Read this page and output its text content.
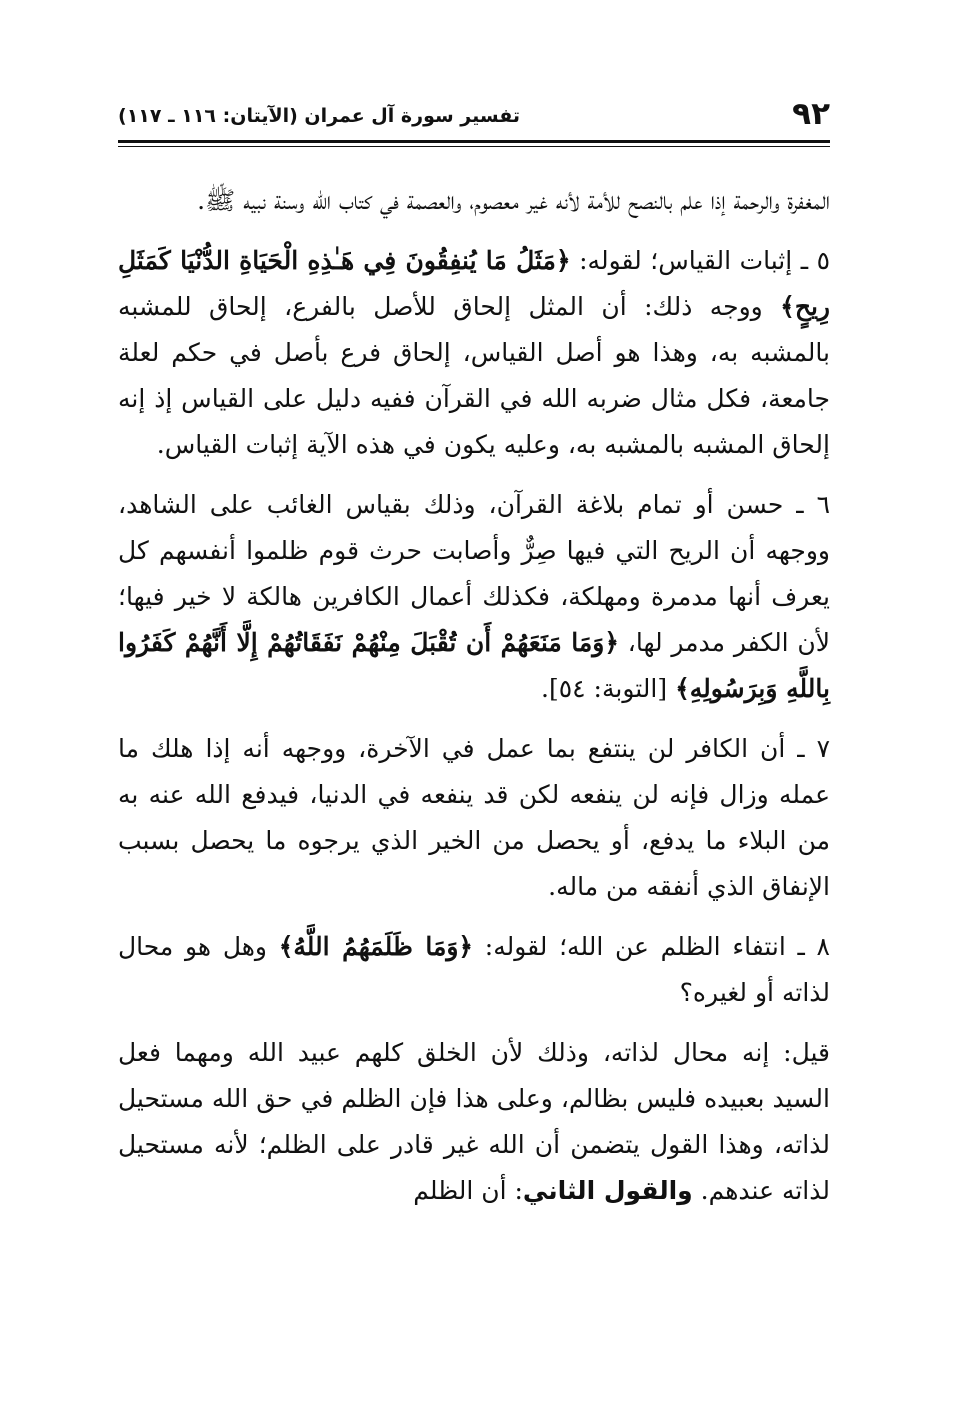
٩٢
تفسير سورة آل عمران (الآيتان: ١١٦ ـ ١١٧)

المغفرة والرحمة إذا علم بالنصح للأمة لأنه غير معصوم، والعصمة في كتاب الله وسنة نبيه ﷺ.

٥ ـ إثبات القياس؛ لقوله: ﴿مَثَلُ مَا يُنفِقُونَ فِي هَـٰذِهِ الْحَيَاةِ الدُّنْيَا كَمَثَلِ رِيحٍ﴾ ووجه ذلك: أن المثل إلحاق للأصل بالفرع، إلحاق للمشبه بالمشبه به، وهذا هو أصل القياس، إلحاق فرع بأصل في حكم لعلة جامعة، فكل مثال ضربه الله في القرآن ففيه دليل على القياس إذ إنه إلحاق المشبه بالمشبه به، وعليه يكون في هذه الآية إثبات القياس.

٦ ـ حسن أو تمام بلاغة القرآن، وذلك بقياس الغائب على الشاهد، ووجهه أن الريح التي فيها صِرٌّ وأصابت حرث قوم ظلموا أنفسهم كل يعرف أنها مدمرة ومهلكة، فكذلك أعمال الكافرين هالكة لا خير فيها؛ لأن الكفر مدمر لها، ﴿وَمَا مَنَعَهُمْ أَن تُقْبَلَ مِنْهُمْ نَفَقَاتُهُمْ إِلَّا أَنَّهُمْ كَفَرُوا بِاللَّهِ وَبِرَسُولِهِ﴾ [التوبة: ٥٤].

٧ ـ أن الكافر لن ينتفع بما عمل في الآخرة، ووجهه أنه إذا هلك ما عمله وزال فإنه لن ينفعه لكن قد ينفعه في الدنيا، فيدفع الله عنه به من البلاء ما يدفع، أو يحصل من الخير الذي يرجوه ما يحصل بسبب الإنفاق الذي أنفقه من ماله.

٨ ـ انتفاء الظلم عن الله؛ لقوله: ﴿وَمَا ظَلَمَهُمُ اللَّهُ﴾ وهل هو محال لذاته أو لغيره؟

قيل: إنه محال لذاته، وذلك لأن الخلق كلهم عبيد الله ومهما فعل السيد بعبيده فليس بظالم، وعلى هذا فإن الظلم في حق الله مستحيل لذاته، وهذا القول يتضمن أن الله غير قادر على الظلم؛ لأنه مستحيل لذاته عندهم. والقول الثاني: أن الظلم
